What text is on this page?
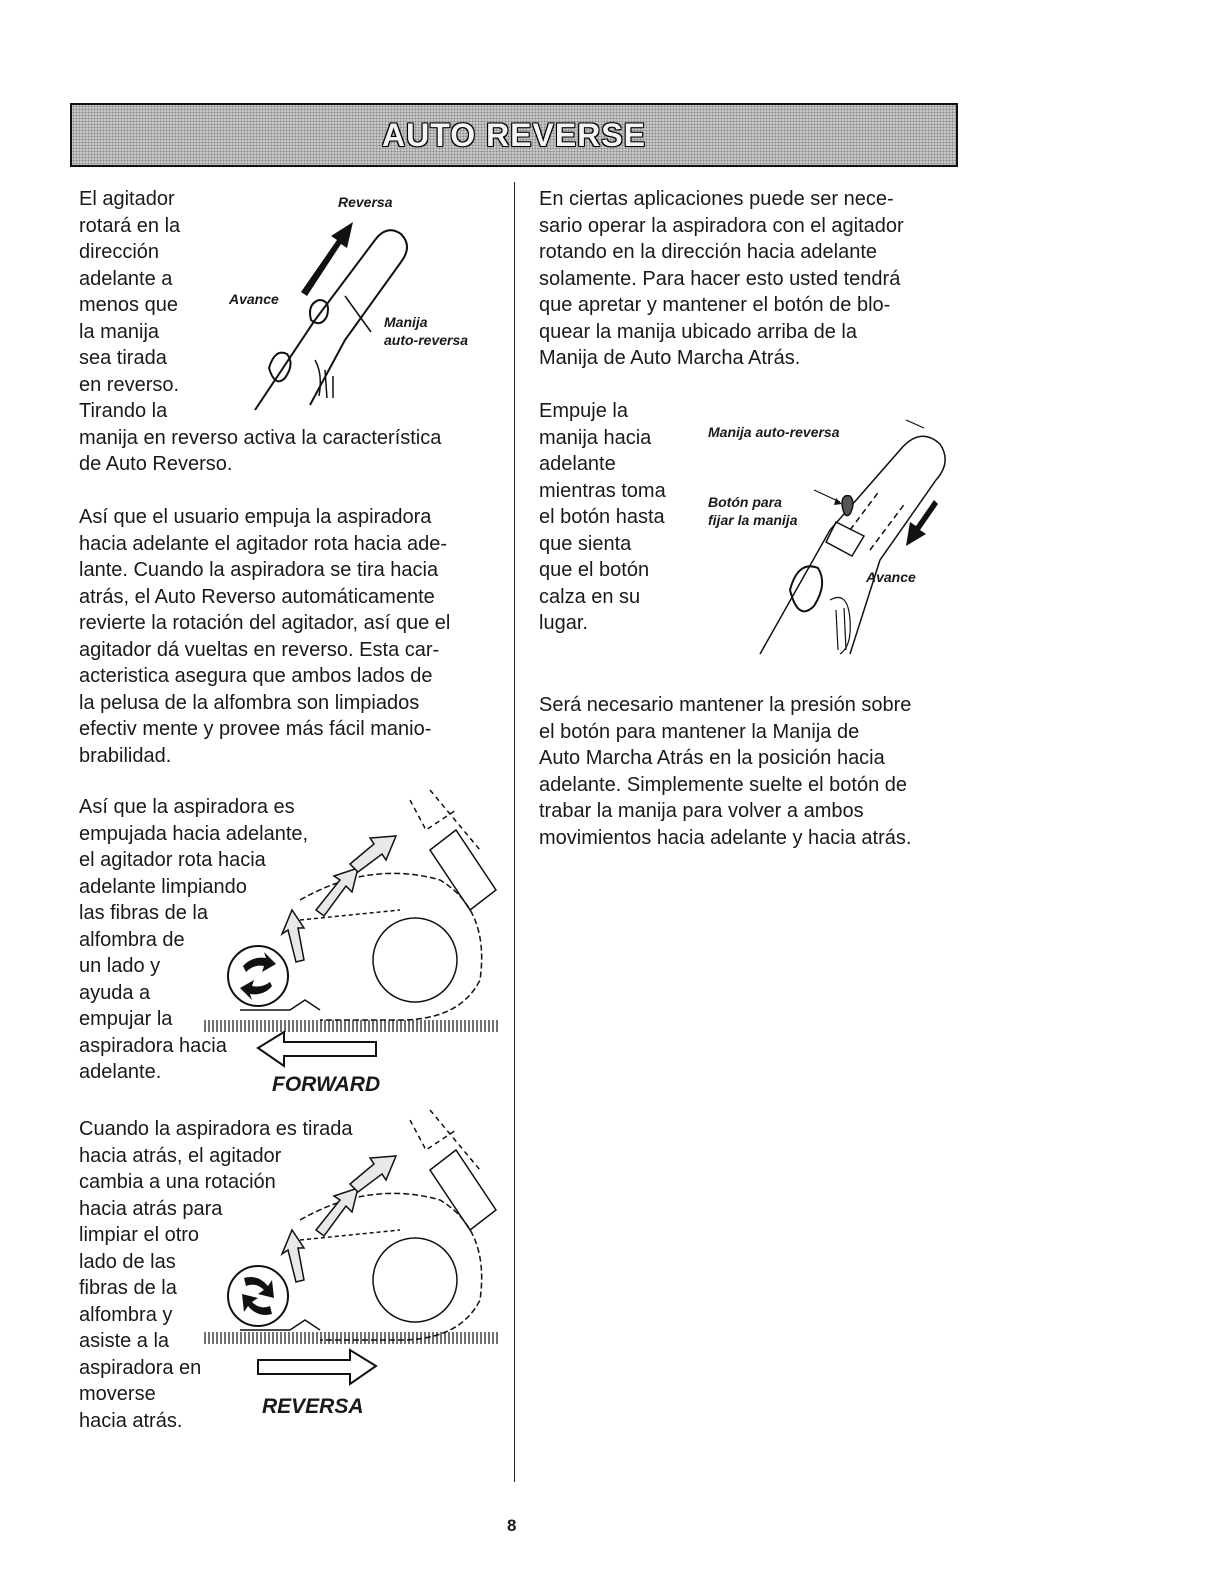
AUTO REVERSE
El agitador
rotará en la
dirección
adelante a
menos que
la manija
sea tirada
en reverso.
Tirando la
manija en reverso activa la característica
de Auto Reverso.
Reversa
Avance
Manija
auto-reversa
Así que el usuario empuja la aspiradora
hacia adelante el agitador rota hacia ade-
lante. Cuando la aspiradora se tira hacia
atrás, el Auto Reverso automáticamente
revierte la rotación del agitador, así que el
agitador dá vueltas en reverso. Esta car-
acteristica asegura que ambos lados de
la pelusa de la alfombra son limpiados
efectiv mente y provee más fácil manio-
brabilidad.
Así que la aspiradora es
empujada hacia adelante,
el agitador rota hacia
adelante limpiando
las fibras de la
alfombra de
un lado y
ayuda a
empujar la
aspiradora hacia
adelante.
FORWARD
Cuando la aspiradora es tirada
hacia atrás, el agitador
cambia a una rotación
hacia atrás para
limpiar el otro
lado de las
fibras de la
alfombra y
asiste a la
aspiradora en
moverse
hacia atrás.
REVERSA
En ciertas aplicaciones puede ser nece-
sario operar la aspiradora con el agitador
rotando en la dirección hacia adelante
solamente. Para hacer esto usted tendrá
que apretar y mantener el botón de blo-
quear la manija ubicado arriba de la
Manija de Auto Marcha Atrás.
Empuje la
manija hacia
adelante
mientras toma
el botón hasta
que sienta
que el botón
calza en su
lugar.
Manija auto-reversa
Botón para
fijar la manija
Avance
Será necesario mantener la presión sobre
el botón para mantener la Manija de
Auto Marcha Atrás en la posición hacia
adelante. Simplemente suelte el botón de
trabar la manija para volver a ambos
movimientos hacia adelante y hacia atrás.
8
